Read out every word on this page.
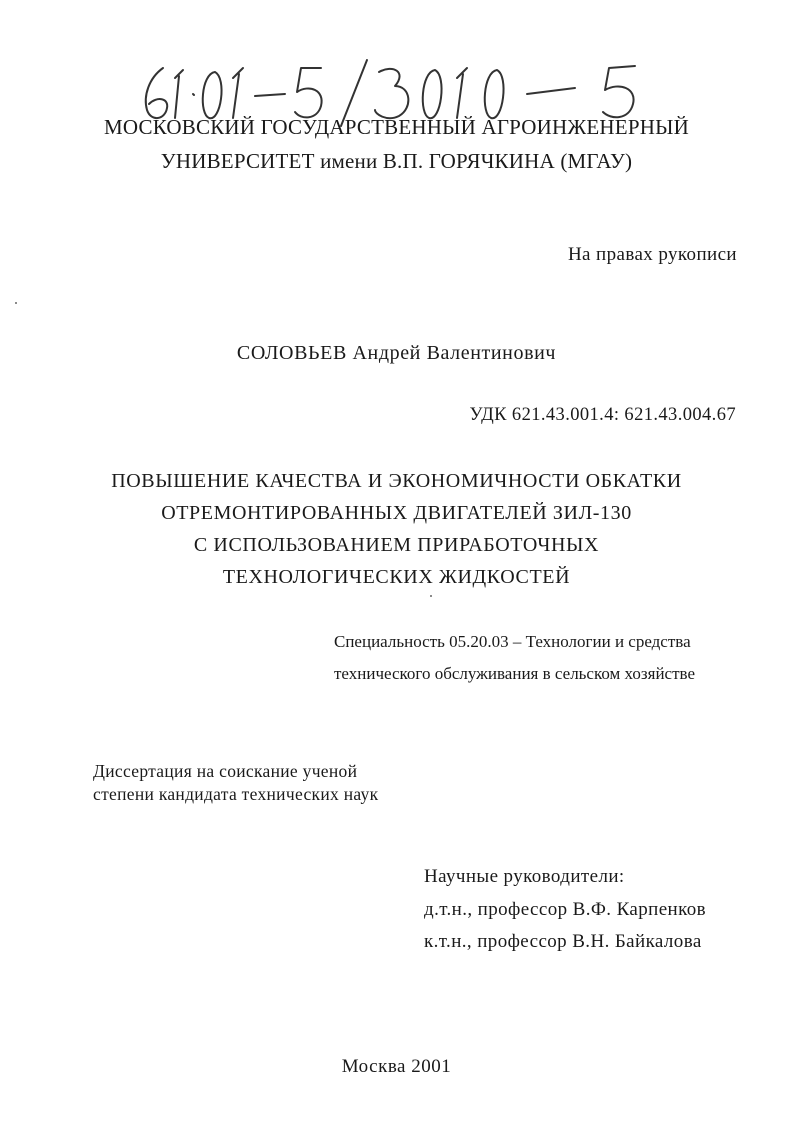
МОСКОВСКИЙ ГОСУДАРСТВЕННЫЙ АГРОИНЖЕНЕРНЫЙ
УНИВЕРСИТЕТ имени В.П. ГОРЯЧКИНА (МГАУ)
На правах рукописи
СОЛОВЬЕВ Андрей Валентинович
УДК 621.43.001.4: 621.43.004.67
ПОВЫШЕНИЕ КАЧЕСТВА И ЭКОНОМИЧНОСТИ ОБКАТКИ
ОТРЕМОНТИРОВАННЫХ ДВИГАТЕЛЕЙ ЗИЛ-130
С ИСПОЛЬЗОВАНИЕМ ПРИРАБОТОЧНЫХ
ТЕХНОЛОГИЧЕСКИХ ЖИДКОСТЕЙ
Специальность 05.20.03 – Технологии и средства
технического обслуживания в сельском хозяйстве
Диссертация на соискание ученой
степени кандидата технических наук
Научные руководители:
д.т.н., профессор В.Ф. Карпенков
к.т.н., профессор В.Н. Байкалова
Москва 2001
